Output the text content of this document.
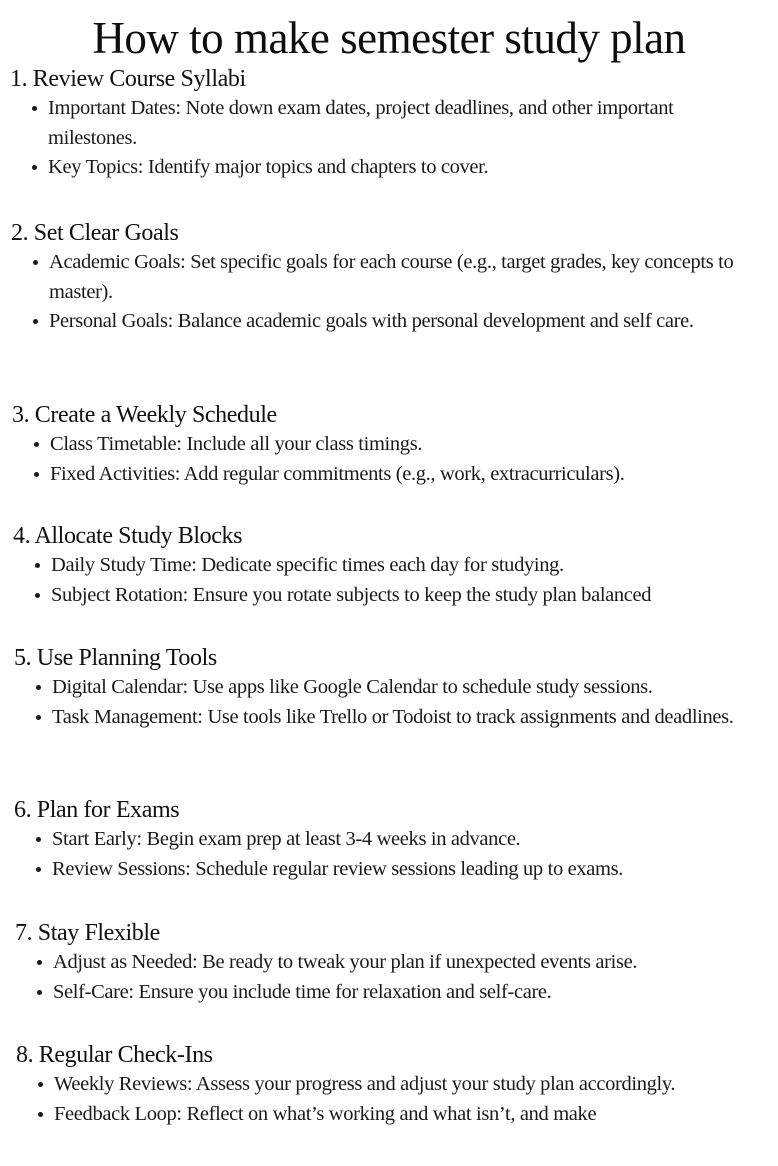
How to make semester study plan
1. Review Course Syllabi
Important Dates: Note down exam dates, project deadlines, and other important milestones.
Key Topics: Identify major topics and chapters to cover.
2. Set Clear Goals
Academic Goals: Set specific goals for each course (e.g., target grades, key concepts to master).
Personal Goals: Balance academic goals with personal development and self care.
3. Create a Weekly Schedule
Class Timetable: Include all your class timings.
Fixed Activities: Add regular commitments (e.g., work, extracurriculars).
4. Allocate Study Blocks
Daily Study Time: Dedicate specific times each day for studying.
Subject Rotation: Ensure you rotate subjects to keep the study plan balanced
5. Use Planning Tools
Digital Calendar: Use apps like Google Calendar to schedule study sessions.
Task Management: Use tools like Trello or Todoist to track assignments and deadlines.
6. Plan for Exams
Start Early: Begin exam prep at least 3-4 weeks in advance.
Review Sessions: Schedule regular review sessions leading up to exams.
7. Stay Flexible
Adjust as Needed: Be ready to tweak your plan if unexpected events arise.
Self-Care: Ensure you include time for relaxation and self-care.
8. Regular Check-Ins
Weekly Reviews: Assess your progress and adjust your study plan accordingly.
Feedback Loop: Reflect on what’s working and what isn’t, and make
